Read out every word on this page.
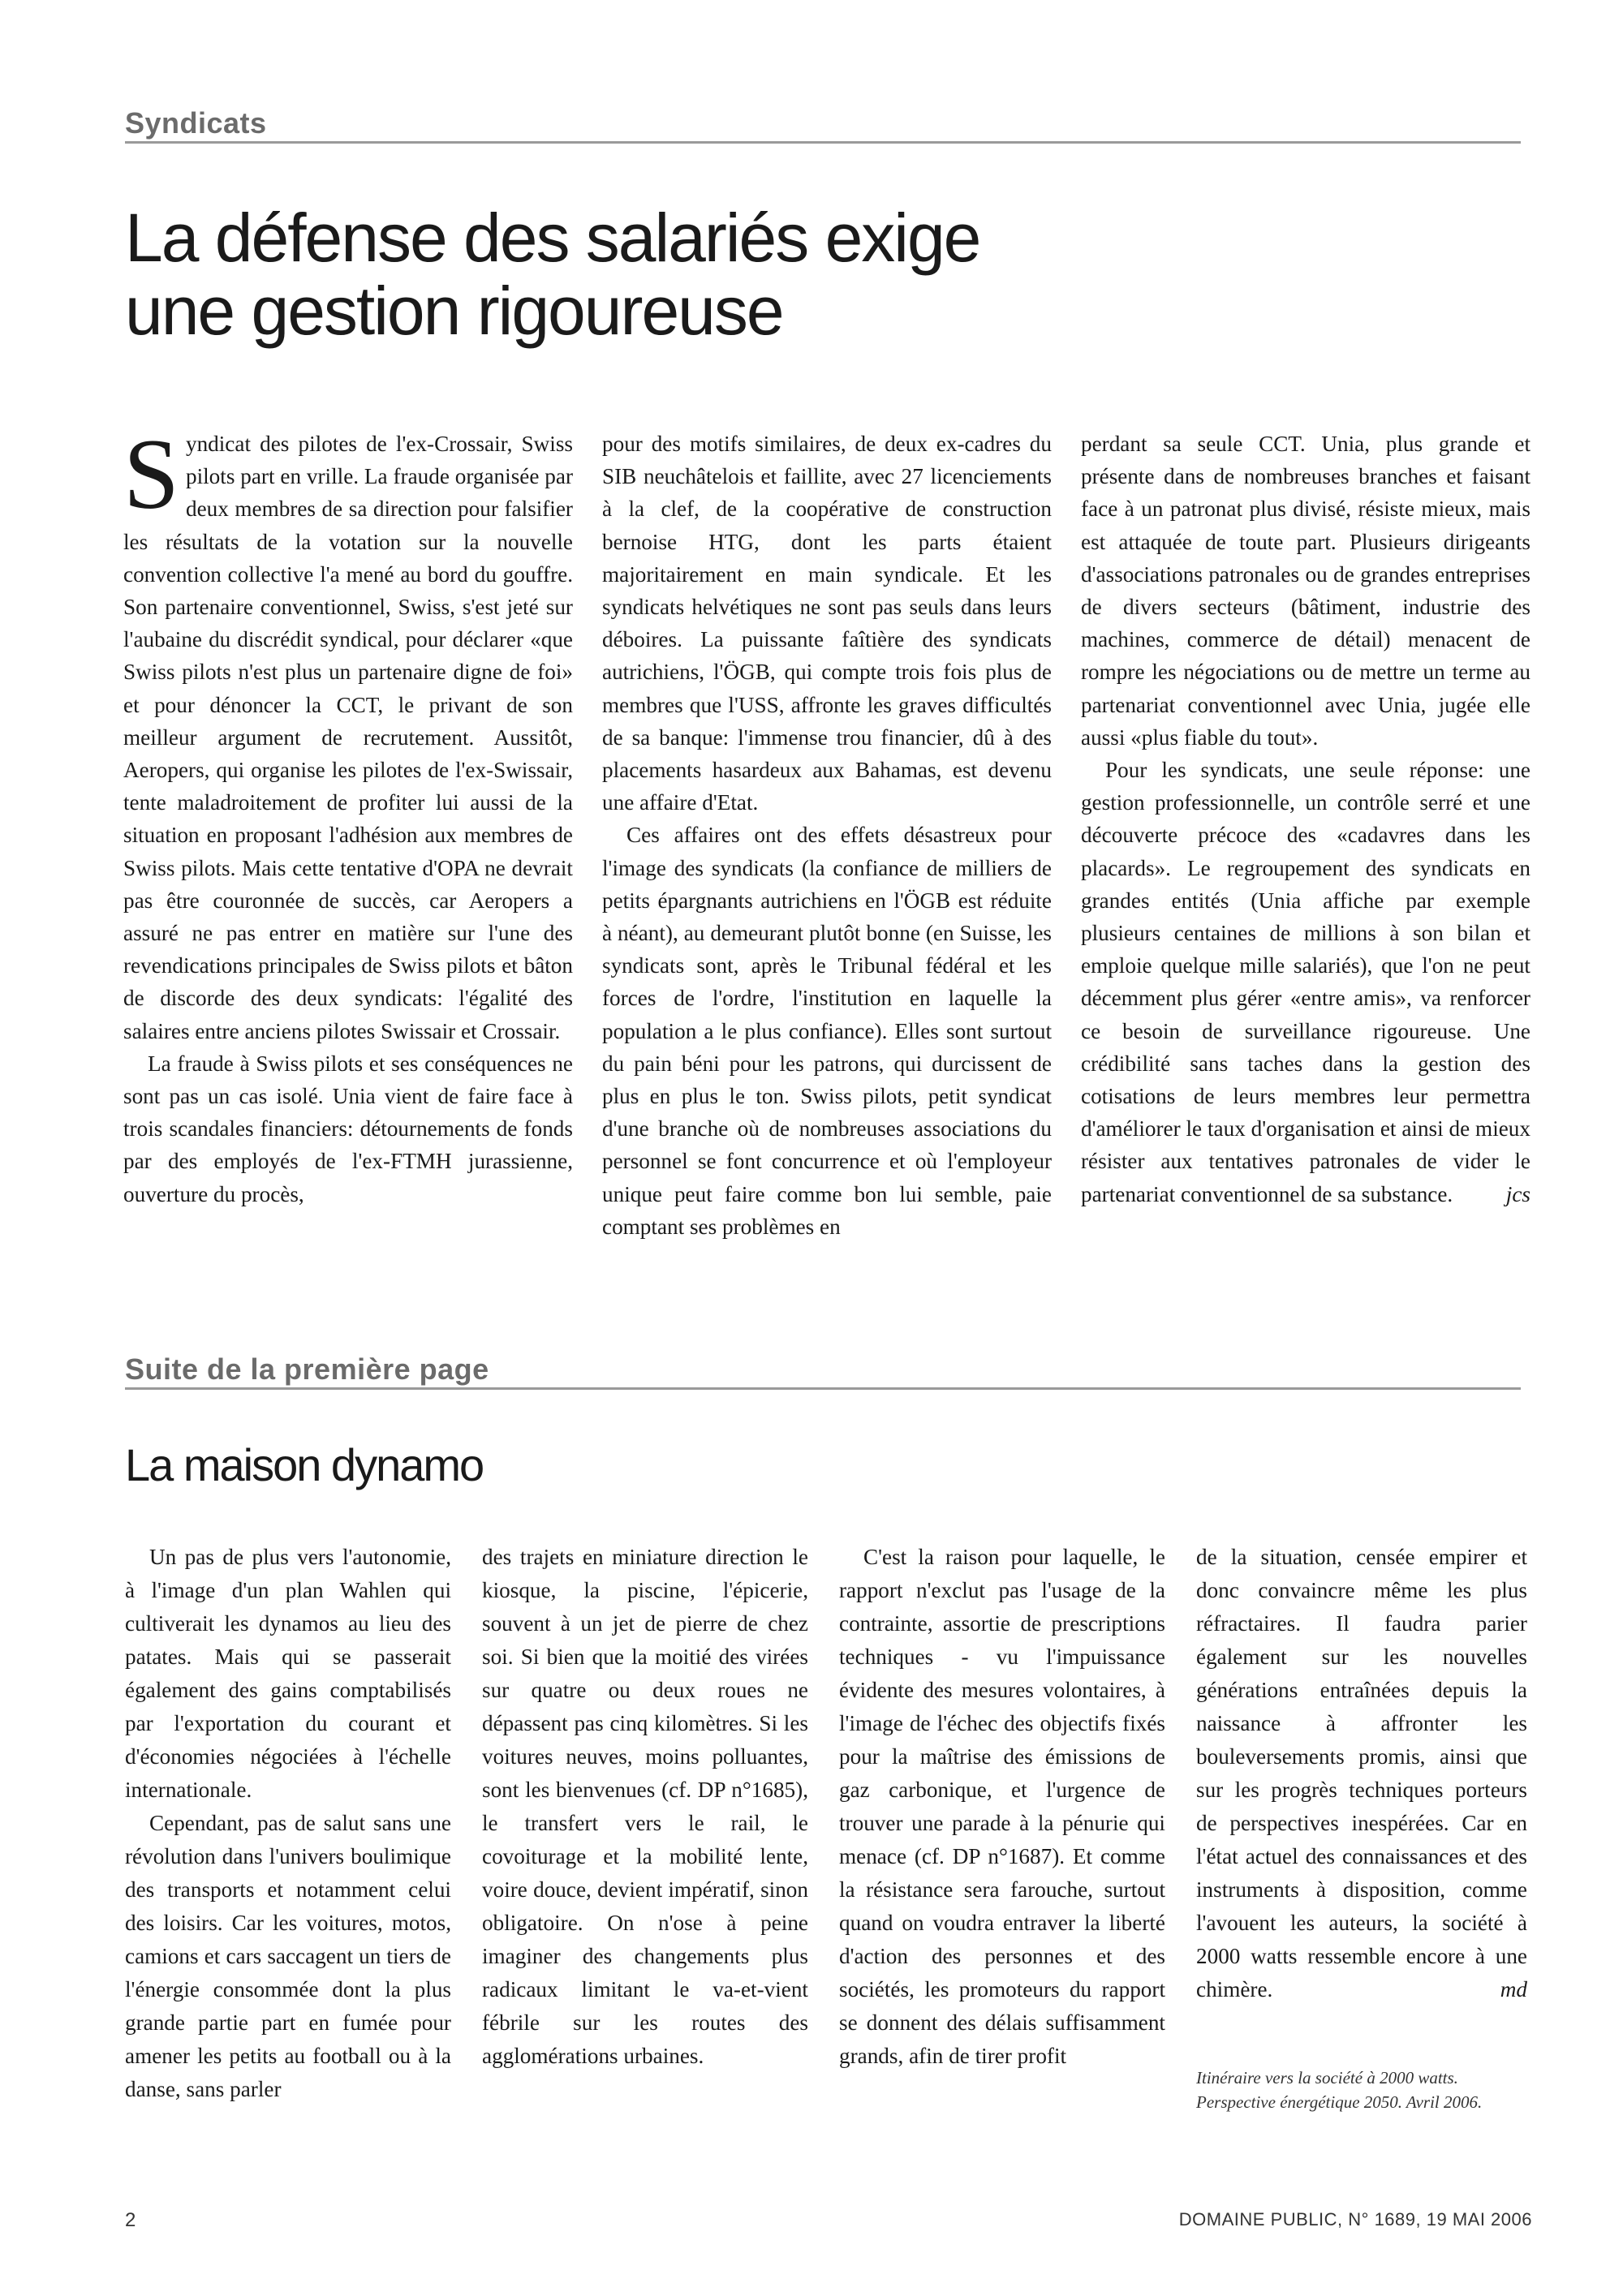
Syndicats
La défense des salariés exige
une gestion rigoureuse

Syndicat des pilotes de l'ex-Crossair, Swiss pilots part en vrille. La fraude organisée par deux membres de sa direction pour falsifier les résultats de la votation sur la nouvelle convention collective l'a mené au bord du gouffre. Son partenaire conventionnel, Swiss, s'est jeté sur l'aubaine du discrédit syndical, pour déclarer «que Swiss pilots n'est plus un partenaire digne de foi» et pour dénoncer la CCT, le privant de son meilleur argument de recrutement. Aussitôt, Aeropers, qui organise les pilotes de l'ex-Swissair, tente maladroitement de profiter lui aussi de la situation en proposant l'adhésion aux membres de Swiss pilots. Mais cette tentative d'OPA ne devrait pas être couronnée de succès, car Aeropers a assuré ne pas entrer en matière sur l'une des revendications principales de Swiss pilots et bâton de discorde des deux syndicats: l'égalité des salaires entre anciens pilotes Swissair et Crossair.

La fraude à Swiss pilots et ses conséquences ne sont pas un cas isolé. Unia vient de faire face à trois scandales financiers: détournements de fonds par des employés de l'ex-FTMH jurassienne, ouverture du procès,

pour des motifs similaires, de deux ex-cadres du SIB neuchâtelois et faillite, avec 27 licenciements à la clef, de la coopérative de construction bernoise HTG, dont les parts étaient majoritairement en main syndicale. Et les syndicats helvétiques ne sont pas seuls dans leurs déboires. La puissante faîtière des syndicats autrichiens, l'ÖGB, qui compte trois fois plus de membres que l'USS, affronte les graves difficultés de sa banque: l'immense trou financier, dû à des placements hasardeux aux Bahamas, est devenu une affaire d'Etat.

Ces affaires ont des effets désastreux pour l'image des syndicats (la confiance de milliers de petits épargnants autrichiens en l'ÖGB est réduite à néant), au demeurant plutôt bonne (en Suisse, les syndicats sont, après le Tribunal fédéral et les forces de l'ordre, l'institution en laquelle la population a le plus confiance). Elles sont surtout du pain béni pour les patrons, qui durcissent de plus en plus le ton. Swiss pilots, petit syndicat d'une branche où de nombreuses associations du personnel se font concurrence et où l'employeur unique peut faire comme bon lui semble, paie comptant ses problèmes en

perdant sa seule CCT. Unia, plus grande et présente dans de nombreuses branches et faisant face à un patronat plus divisé, résiste mieux, mais est attaquée de toute part. Plusieurs dirigeants d'associations patronales ou de grandes entreprises de divers secteurs (bâtiment, industrie des machines, commerce de détail) menacent de rompre les négociations ou de mettre un terme au partenariat conventionnel avec Unia, jugée elle aussi «plus fiable du tout».

Pour les syndicats, une seule réponse: une gestion professionnelle, un contrôle serré et une découverte précoce des «cadavres dans les placards». Le regroupement des syndicats en grandes entités (Unia affiche par exemple plusieurs centaines de millions à son bilan et emploie quelque mille salariés), que l'on ne peut décemment plus gérer «entre amis», va renforcer ce besoin de surveillance rigoureuse. Une crédibilité sans taches dans la gestion des cotisations de leurs membres leur permettra d'améliorer le taux d'organisation et ainsi de mieux résister aux tentatives patronales de vider le partenariat conventionnel de sa substance.	jcs

Suite de la première page
La maison dynamo

Un pas de plus vers l'autonomie, à l'image d'un plan Wahlen qui cultiverait les dynamos au lieu des patates. Mais qui se passerait également des gains comptabilisés par l'exportation du courant et d'économies négociées à l'échelle internationale.

Cependant, pas de salut sans une révolution dans l'univers boulimique des transports et notamment celui des loisirs. Car les voitures, motos, camions et cars saccagent un tiers de l'énergie consommée dont la plus grande partie part en fumée pour amener les petits au football ou à la danse, sans parler

des trajets en miniature direction le kiosque, la piscine, l'épicerie, souvent à un jet de pierre de chez soi. Si bien que la moitié des virées sur quatre ou deux roues ne dépassent pas cinq kilomètres. Si les voitures neuves, moins polluantes, sont les bienvenues (cf. DP n°1685), le transfert vers le rail, le covoiturage et la mobilité lente, voire douce, devient impératif, sinon obligatoire. On n'ose à peine imaginer des changements plus radicaux limitant le va-et-vient fébrile sur les routes des agglomérations urbaines.

C'est la raison pour laquelle, le rapport n'exclut pas l'usage de la contrainte, assortie de prescriptions techniques - vu l'impuissance évidente des mesures volontaires, à l'image de l'échec des objectifs fixés pour la maîtrise des émissions de gaz carbonique, et l'urgence de trouver une parade à la pénurie qui menace (cf. DP n°1687). Et comme la résistance sera farouche, surtout quand on voudra entraver la liberté d'action des personnes et des sociétés, les promoteurs du rapport se donnent des délais suffisamment grands, afin de tirer profit

de la situation, censée empirer et donc convaincre même les plus réfractaires. Il faudra parier également sur les nouvelles générations entraînées depuis la naissance à affronter les bouleversements promis, ainsi que sur les progrès techniques porteurs de perspectives inespérées. Car en l'état actuel des connaissances et des instruments à disposition, comme l'avouent les auteurs, la société à 2000 watts ressemble encore à une chimère.	md

Itinéraire vers la société à 2000 watts.
Perspective énergétique 2050. Avril 2006.
2	DOMAINE PUBLIC, N° 1689, 19 MAI 2006
